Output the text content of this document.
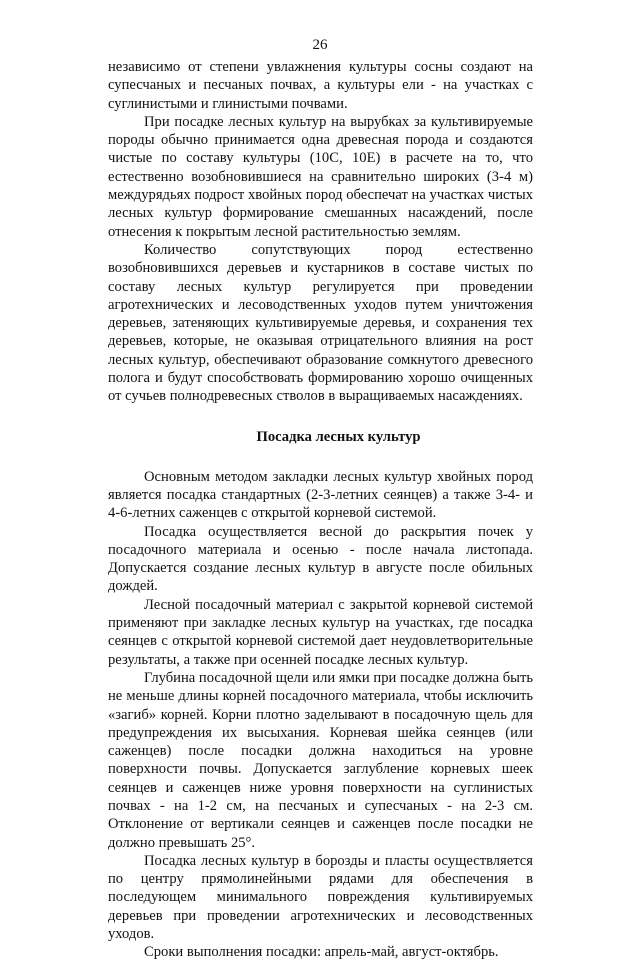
26

независимо от степени увлажнения культуры сосны создают на супесчаных и песчаных почвах, а культуры ели - на участках с суглинистыми и глинистыми почвами.

При посадке лесных культур на вырубках за культивируемые породы обычно принимается одна древесная порода и создаются чистые по составу культуры (10С, 10Е) в расчете на то, что естественно возобновившиеся на сравнительно широких (3-4 м) междурядьях подрост хвойных пород обеспечат на участках чистых лесных культур формирование смешанных насаждений, после отнесения к покрытым лесной растительностью землям.

Количество сопутствующих пород естественно возобновившихся деревьев и кустарников в составе чистых по составу лесных культур регулируется при проведении агротехнических и лесоводственных уходов путем уничтожения деревьев, затеняющих культивируемые деревья, и сохранения тех деревьев, которые, не оказывая отрицательного влияния на рост лесных культур, обеспечивают образование сомкнутого древесного полога и будут способствовать формированию хорошо очищенных от сучьев полнодревесных стволов в выращиваемых насаждениях.

Посадка лесных культур

Основным методом закладки лесных культур хвойных пород является посадка стандартных (2-3-летних сеянцев) а также 3-4- и 4-6-летних саженцев с открытой корневой системой.

Посадка осуществляется весной до раскрытия почек у посадочного материала и осенью - после начала листопада. Допускается создание лесных культур в августе после обильных дождей.

Лесной посадочный материал с закрытой корневой системой применяют при закладке лесных культур на участках, где посадка сеянцев с открытой корневой системой дает неудовлетворительные результаты, а также при осенней посадке лесных культур.

Глубина посадочной щели или ямки при посадке должна быть не меньше длины корней посадочного материала, чтобы исключить «загиб» корней. Корни плотно заделывают в посадочную щель для предупреждения их высыхания. Корневая шейка сеянцев (или саженцев) после посадки должна находиться на уровне поверхности почвы. Допускается заглубление корневых шеек сеянцев и саженцев ниже уровня поверхности на суглинистых почвах - на 1-2 см, на песчаных и супесчаных - на 2-3 см. Отклонение от вертикали сеянцев и саженцев после посадки не должно превышать 25°.

Посадка лесных культур в борозды и пласты осуществляется по центру прямолинейными рядами для обеспечения в последующем минимального повреждения культивируемых деревьев при проведении агротехнических и лесоводственных уходов.

Сроки выполнения посадки: апрель-май, август-октябрь.
